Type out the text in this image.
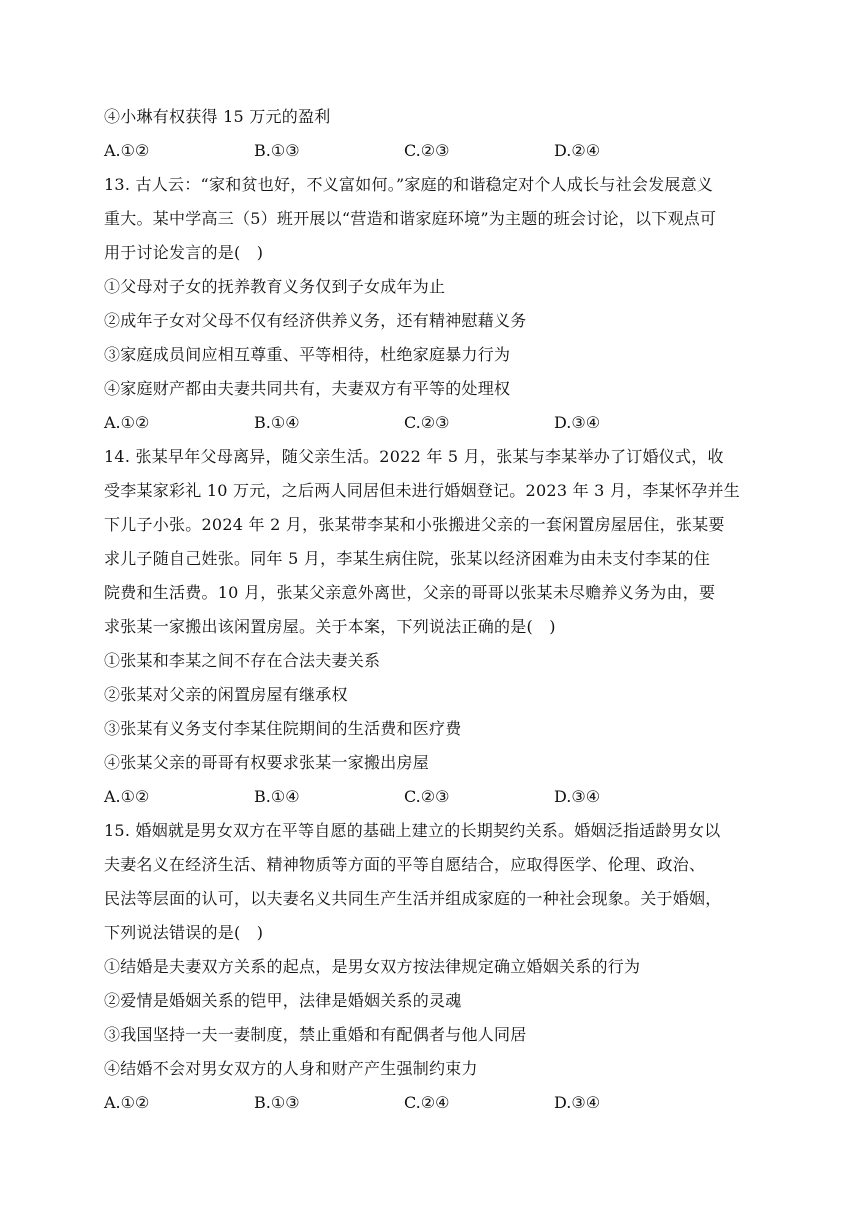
④小琳有权获得 15 万元的盈利
A.①②	B.①③	C.②③	D.②④
13. 古人云：“家和贫也好，不义富如何。”家庭的和谐稳定对个人成长与社会发展意义
重大。某中学高三（5）班开展以“营造和谐家庭环境”为主题的班会讨论，以下观点可
用于讨论发言的是(　)
①父母对子女的抚养教育义务仅到子女成年为止
②成年子女对父母不仅有经济供养义务，还有精神慰藉义务
③家庭成员间应相互尊重、平等相待，杜绝家庭暴力行为
④家庭财产都由夫妻共同共有，夫妻双方有平等的处理权
A.①②	B.①④	C.②③	D.③④
14. 张某早年父母离异，随父亲生活。2022 年 5 月，张某与李某举办了订婚仪式，收
受李某家彩礼 10 万元，之后两人同居但未进行婚姻登记。2023 年 3 月，李某怀孕并生
下儿子小张。2024 年 2 月，张某带李某和小张搬进父亲的一套闲置房屋居住，张某要
求儿子随自己姓张。同年 5 月，李某生病住院，张某以经济困难为由未支付李某的住
院费和生活费。10 月，张某父亲意外离世，父亲的哥哥以张某未尽赡养义务为由，要
求张某一家搬出该闲置房屋。关于本案，下列说法正确的是(　)
①张某和李某之间不存在合法夫妻关系
②张某对父亲的闲置房屋有继承权
③张某有义务支付李某住院期间的生活费和医疗费
④张某父亲的哥哥有权要求张某一家搬出房屋
A.①②	B.①④	C.②③	D.③④
15. 婚姻就是男女双方在平等自愿的基础上建立的长期契约关系。婚姻泛指适龄男女以
夫妻名义在经济生活、精神物质等方面的平等自愿结合，应取得医学、伦理、政治、
民法等层面的认可，以夫妻名义共同生产生活并组成家庭的一种社会现象。关于婚姻，
下列说法错误的是(　)
①结婚是夫妻双方关系的起点，是男女双方按法律规定确立婚姻关系的行为
②爱情是婚姻关系的铠甲，法律是婚姻关系的灵魂
③我国坚持一夫一妻制度，禁止重婚和有配偶者与他人同居
④结婚不会对男女双方的人身和财产产生强制约束力
A.①②	B.①③	C.②④	D.③④
